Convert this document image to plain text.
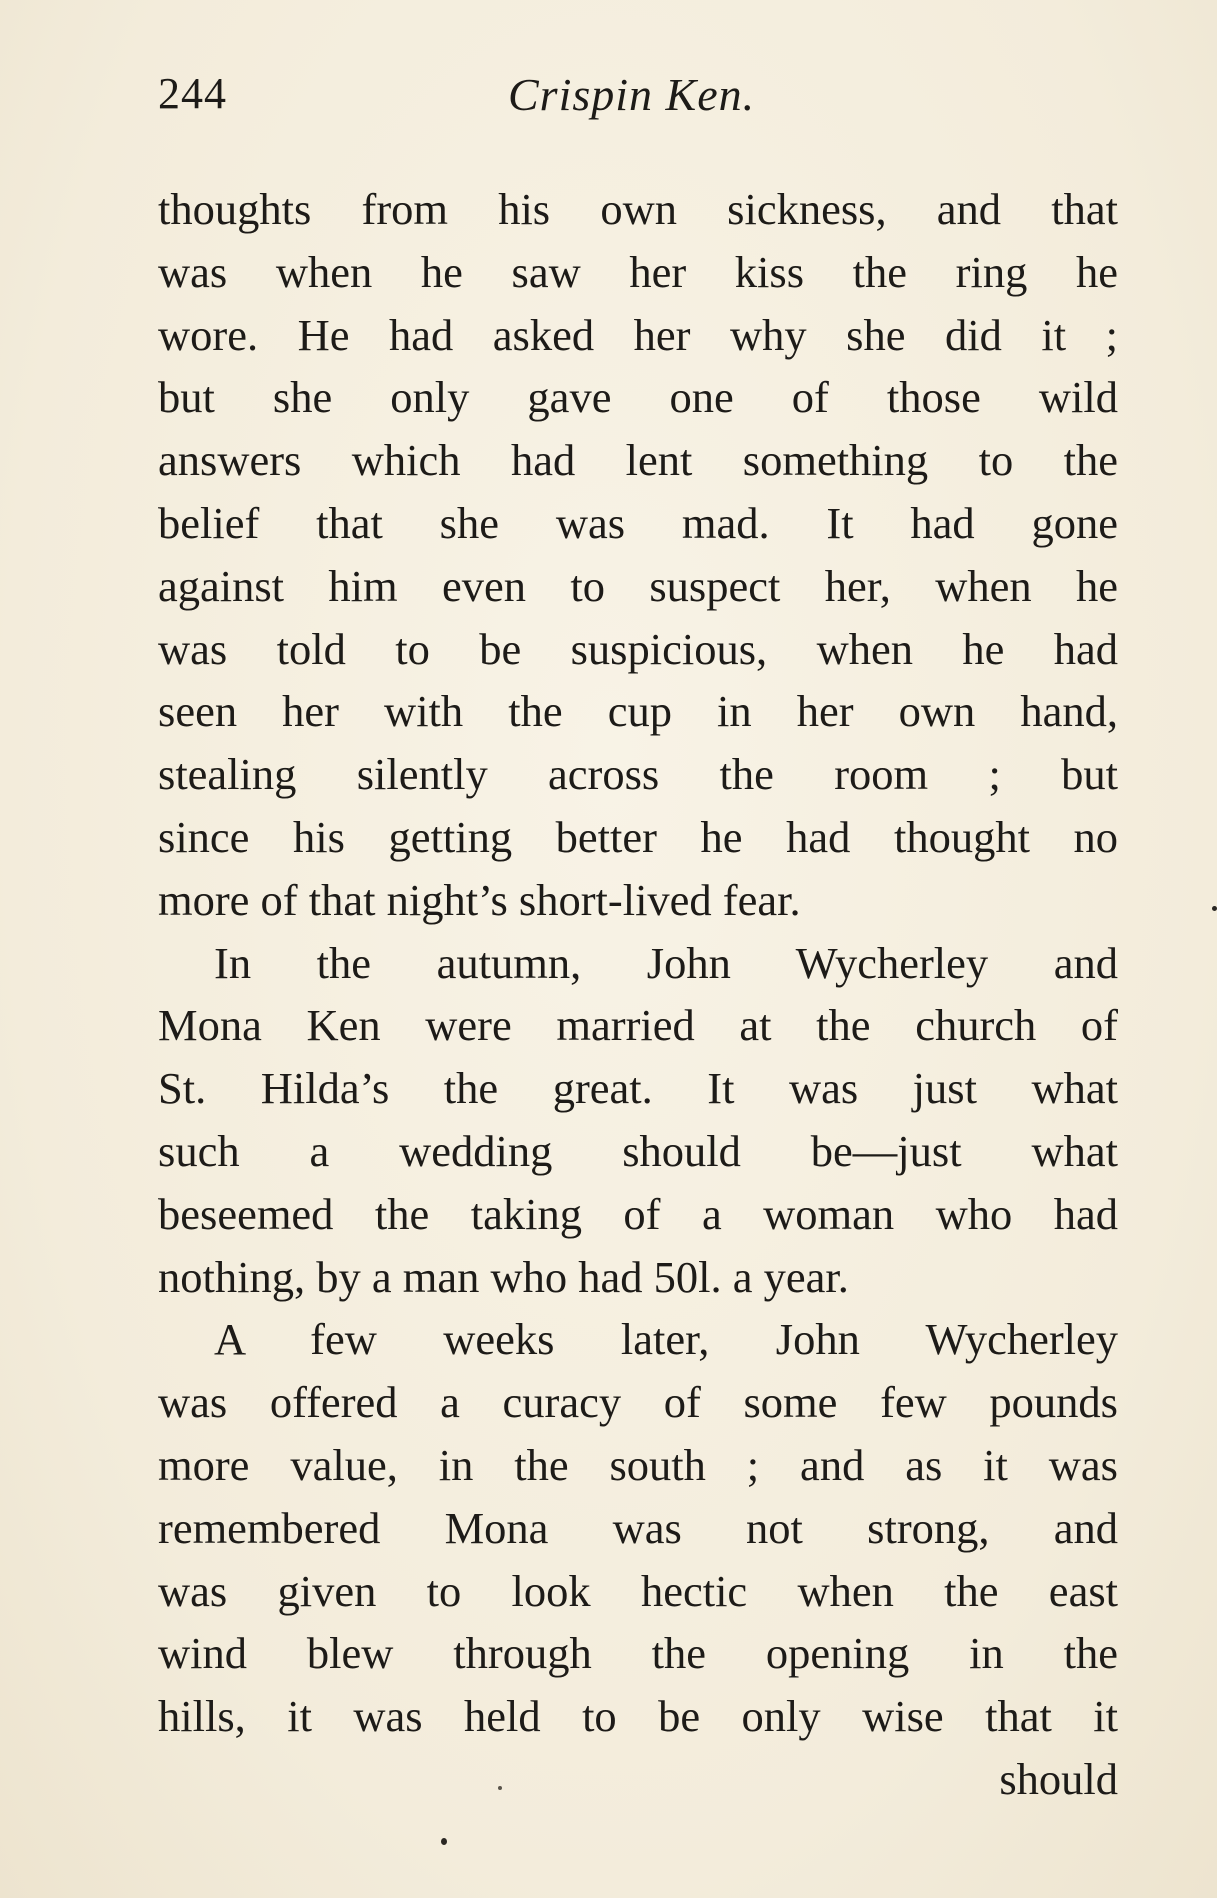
244	Crispin Ken.
thoughts from his own sickness, and that
was when he saw her kiss the ring he
wore. He had asked her why she did it ;
but she only gave one of those wild
answers which had lent something to the
belief that she was mad. It had gone
against him even to suspect her, when he
was told to be suspicious, when he had
seen her with the cup in her own hand,
stealing silently across the room ; but
since his getting better he had thought no
more of that night’s short-lived fear.
In the autumn, John Wycherley and
Mona Ken were married at the church of
St. Hilda’s the great. It was just what
such a wedding should be—just what
beseemed the taking of a woman who had
nothing, by a man who had 50l. a year.
A few weeks later, John Wycherley
was offered a curacy of some few pounds
more value, in the south ; and as it was
remembered Mona was not strong, and
was given to look hectic when the east
wind blew through the opening in the
hills, it was held to be only wise that it
should
